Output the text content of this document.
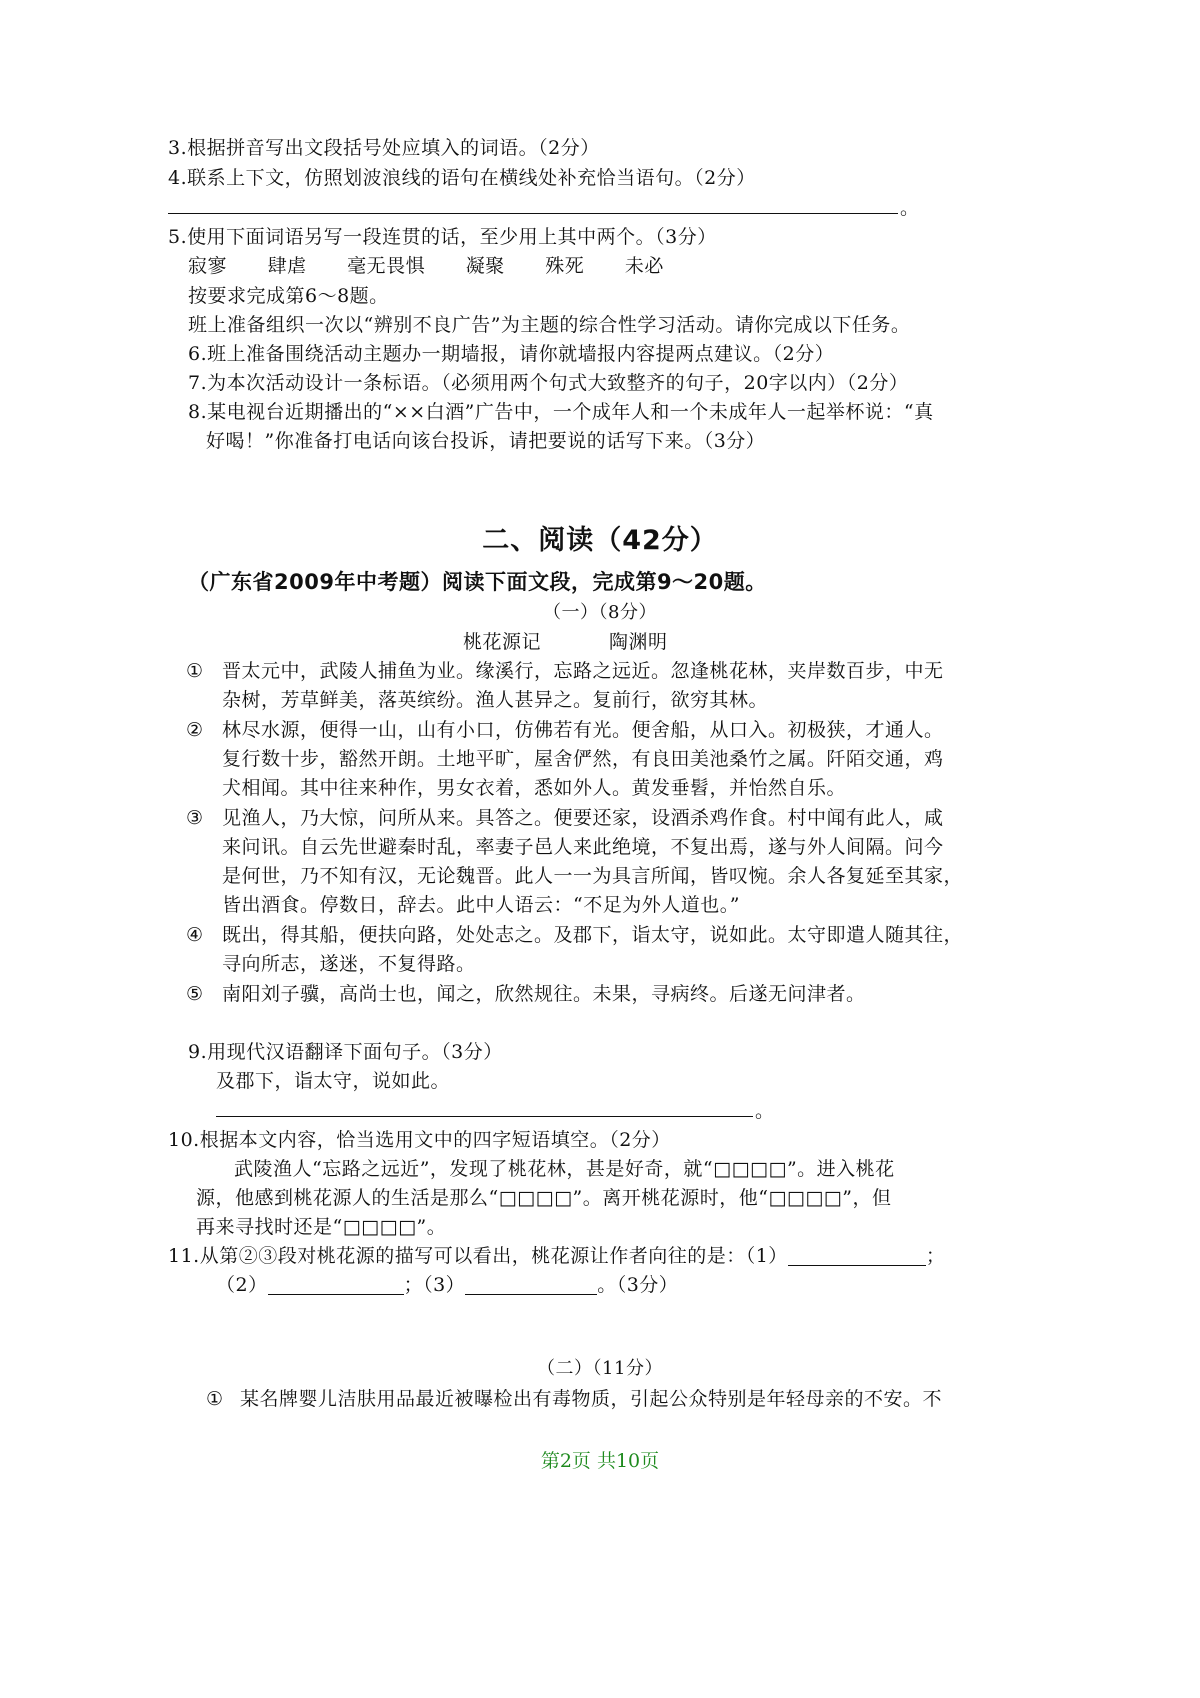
3.根据拼音写出文段括号处应填入的词语。（2分）
4.联系上下文，仿照划波浪线的语句在横线处补充恰当语句。（2分）
。
5.使用下面词语另写一段连贯的话，至少用上其中两个。（3分）
寂寥 肆虐 毫无畏惧 凝聚 殊死 未必
按要求完成第6～8题。
班上准备组织一次以“辨别不良广告”为主题的综合性学习活动。请你完成以下任务。
6.班上准备围绕活动主题办一期墙报，请你就墙报内容提两点建议。（2分）
7.为本次活动设计一条标语。（必须用两个句式大致整齐的句子，20字以内）（2分）
8.某电视台近期播出的“××白酒”广告中，一个成年人和一个未成年人一起举杯说：“真
好喝！”你准备打电话向该台投诉，请把要说的话写下来。（3分）
二、阅读（42分）
（广东省2009年中考题）阅读下面文段，完成第9～20题。
（一）（8分）
桃花源记	陶渊明
① 晋太元中，武陵人捕鱼为业。缘溪行，忘路之远近。忽逢桃花林，夹岸数百步，中无
杂树，芳草鲜美，落英缤纷。渔人甚异之。复前行，欲穷其林。
② 林尽水源，便得一山，山有小口，仿佛若有光。便舍船，从口入。初极狭，才通人。
复行数十步，豁然开朗。土地平旷，屋舍俨然，有良田美池桑竹之属。阡陌交通，鸡
犬相闻。其中往来种作，男女衣着，悉如外人。黄发垂髫，并怡然自乐。
③ 见渔人，乃大惊，问所从来。具答之。便要还家，设酒杀鸡作食。村中闻有此人，咸
来问讯。自云先世避秦时乱，率妻子邑人来此绝境，不复出焉，遂与外人间隔。问今
是何世，乃不知有汉，无论魏晋。此人一一为具言所闻，皆叹惋。余人各复延至其家，
皆出酒食。停数日，辞去。此中人语云：“不足为外人道也。”
④ 既出，得其船，便扶向路，处处志之。及郡下，诣太守，说如此。太守即遣人随其往，
寻向所志，遂迷，不复得路。
⑤ 南阳刘子骥，高尚士也，闻之，欣然规往。未果，寻病终。后遂无问津者。
9.用现代汉语翻译下面句子。（3分）
及郡下，诣太守，说如此。
。
10.根据本文内容，恰当选用文中的四字短语填空。（2分）
武陵渔人“忘路之远近”，发现了桃花林，甚是好奇，就“□□□□”。进入桃花
源，他感到桃花源人的生活是那么“□□□□”。离开桃花源时，他“□□□□”，但
再来寻找时还是“□□□□”。
11.从第②③段对桃花源的描写可以看出，桃花源让作者向往的是：（1）	；
（2）	；（3）	。（3分）
（二）（11分）
① 某名牌婴儿洁肤用品最近被曝检出有毒物质，引起公众特别是年轻母亲的不安。不
第2页 共10页
